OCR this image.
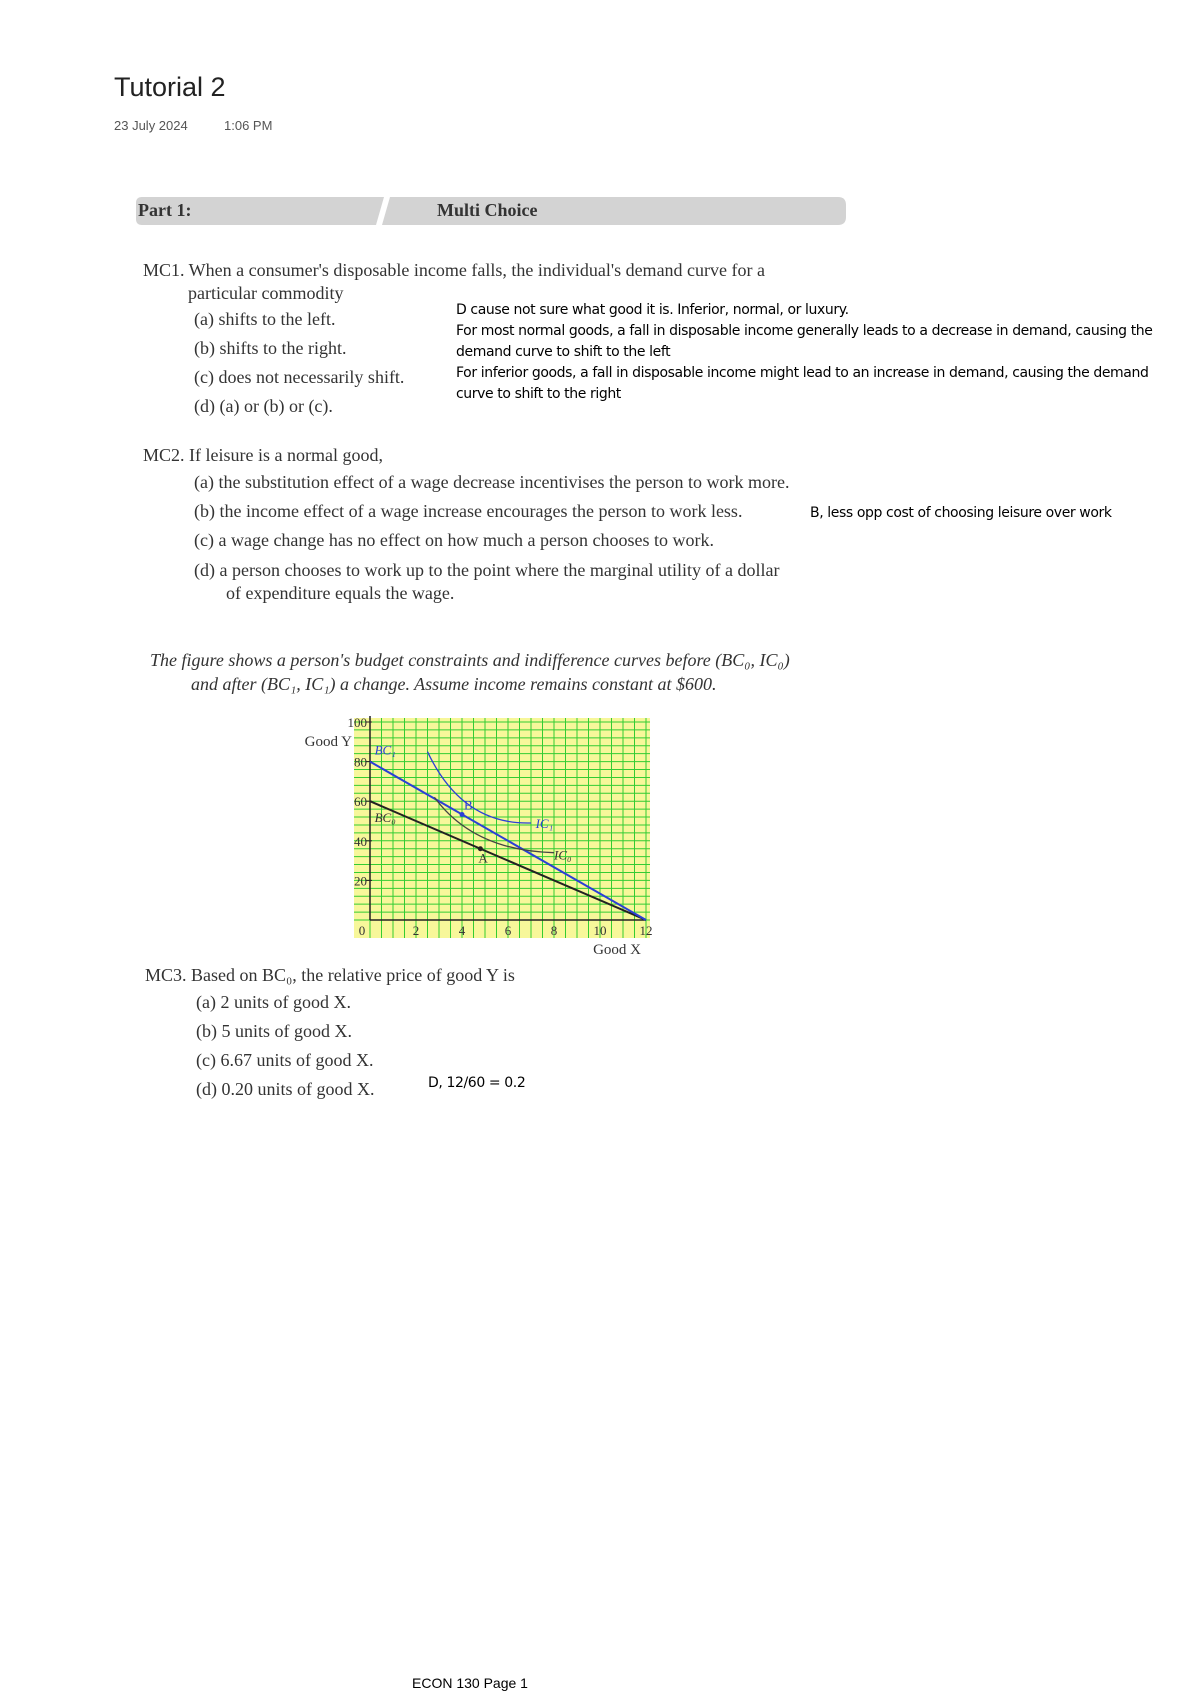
Tutorial 2
23 July 2024	1:06 PM
Part 1:	Multi Choice
MC1. When a consumer's disposable income falls, the individual's demand curve for a
particular commodity
(a) shifts to the left.
(b) shifts to the right.
(c) does not necessarily shift.
(d) (a) or (b) or (c).
D cause not sure what good it is. Inferior, normal, or luxury.
For most normal goods, a fall in disposable income generally leads to a decrease in demand, causing the
demand curve to shift to the left
For inferior goods, a fall in disposable income might lead to an increase in demand, causing the demand
curve to shift to the right
MC2. If leisure is a normal good,
(a) the substitution effect of a wage decrease incentivises the person to work more.
(b) the income effect of a wage increase encourages the person to work less.
(c) a wage change has no effect on how much a person chooses to work.
(d) a person chooses to work up to the point where the marginal utility of a dollar
of expenditure equals the wage.
B, less opp cost of choosing leisure over work
The figure shows a person's budget constraints and indifference curves before (BC₀, IC₀)
and after (BC₁, IC₁) a change. Assume income remains constant at $600.
20
40
60
80
100
0	2	4	6	8	10	12
Good Y
Good X
BC₁
BC₀	IC₁
IC₀
A
B
MC3. Based on BC₀, the relative price of good Y is
(a) 2 units of good X.
(b) 5 units of good X.
(c) 6.67 units of good X.
(d) 0.20 units of good X.	D, 12/60 = 0.2
ECON 130 Page 1
